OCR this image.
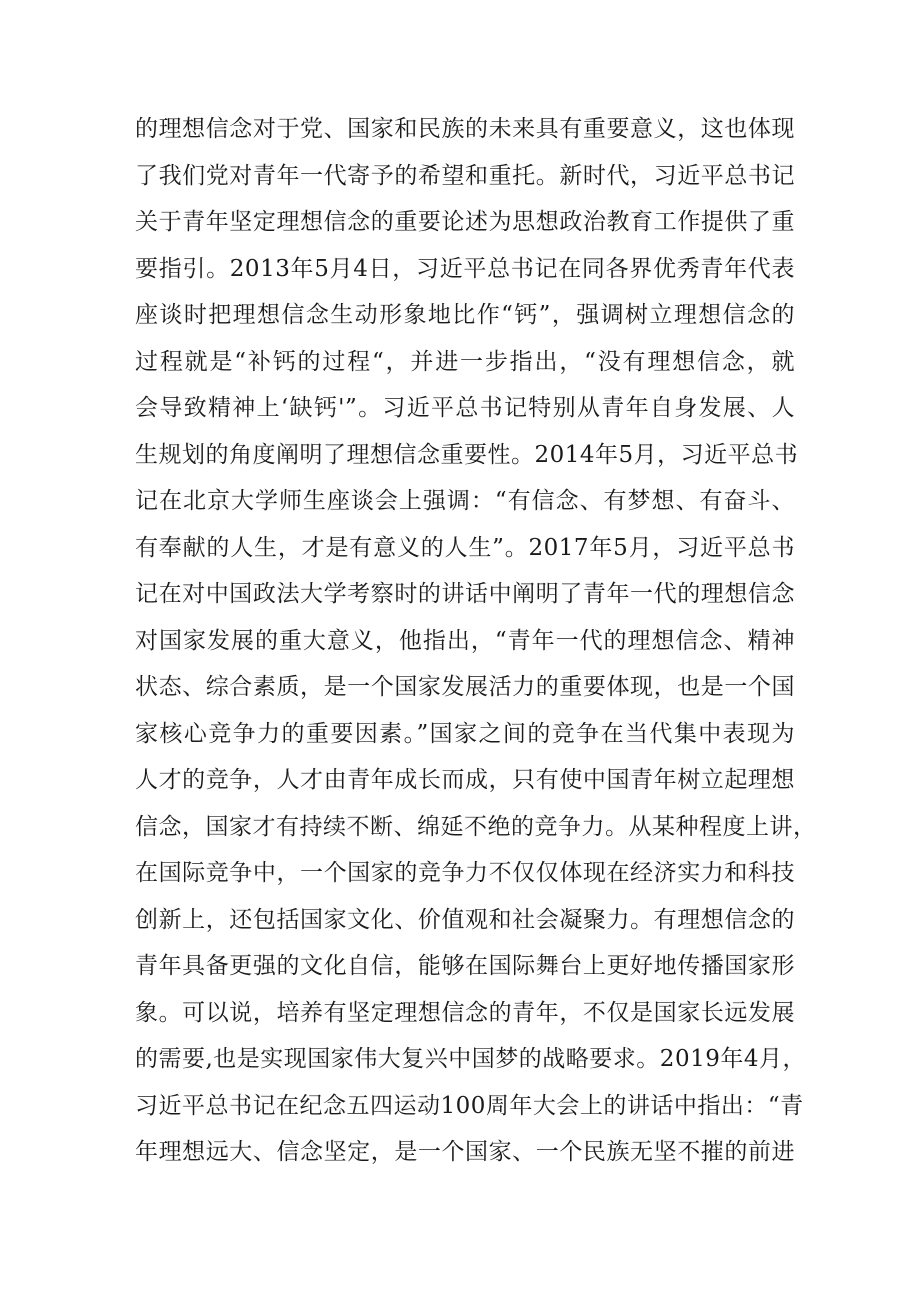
的理想信念对于党、国家和民族的未来具有重要意义，这也体现
了我们党对青年一代寄予的希望和重托。新时代，习近平总书记
关于青年坚定理想信念的重要论述为思想政治教育工作提供了重
要指引。2013年5月4日，习近平总书记在同各界优秀青年代表
座谈时把理想信念生动形象地比作“钙”，强调树立理想信念的
过程就是“补钙的过程“，并进一步指出，“没有理想信念，就
会导致精神上‘缺钙'”。习近平总书记特别从青年自身发展、人
生规划的角度阐明了理想信念重要性。2014年5月，习近平总书
记在北京大学师生座谈会上强调：“有信念、有梦想、有奋斗、
有奉献的人生，才是有意义的人生”。2017年5月，习近平总书
记在对中国政法大学考察时的讲话中阐明了青年一代的理想信念
对国家发展的重大意义，他指出，“青年一代的理想信念、精神
状态、综合素质，是一个国家发展活力的重要体现，也是一个国
家核心竞争力的重要因素。”国家之间的竞争在当代集中表现为
人才的竞争，人才由青年成长而成，只有使中国青年树立起理想
信念，国家才有持续不断、绵延不绝的竞争力。从某种程度上讲，
在国际竞争中，一个国家的竞争力不仅仅体现在经济实力和科技
创新上，还包括国家文化、价值观和社会凝聚力。有理想信念的
青年具备更强的文化自信，能够在国际舞台上更好地传播国家形
象。可以说，培养有坚定理想信念的青年，不仅是国家长远发展
的需要,也是实现国家伟大复兴中国梦的战略要求。2019年4月，
习近平总书记在纪念五四运动100周年大会上的讲话中指出：“青
年理想远大、信念坚定，是一个国家、一个民族无坚不摧的前进
